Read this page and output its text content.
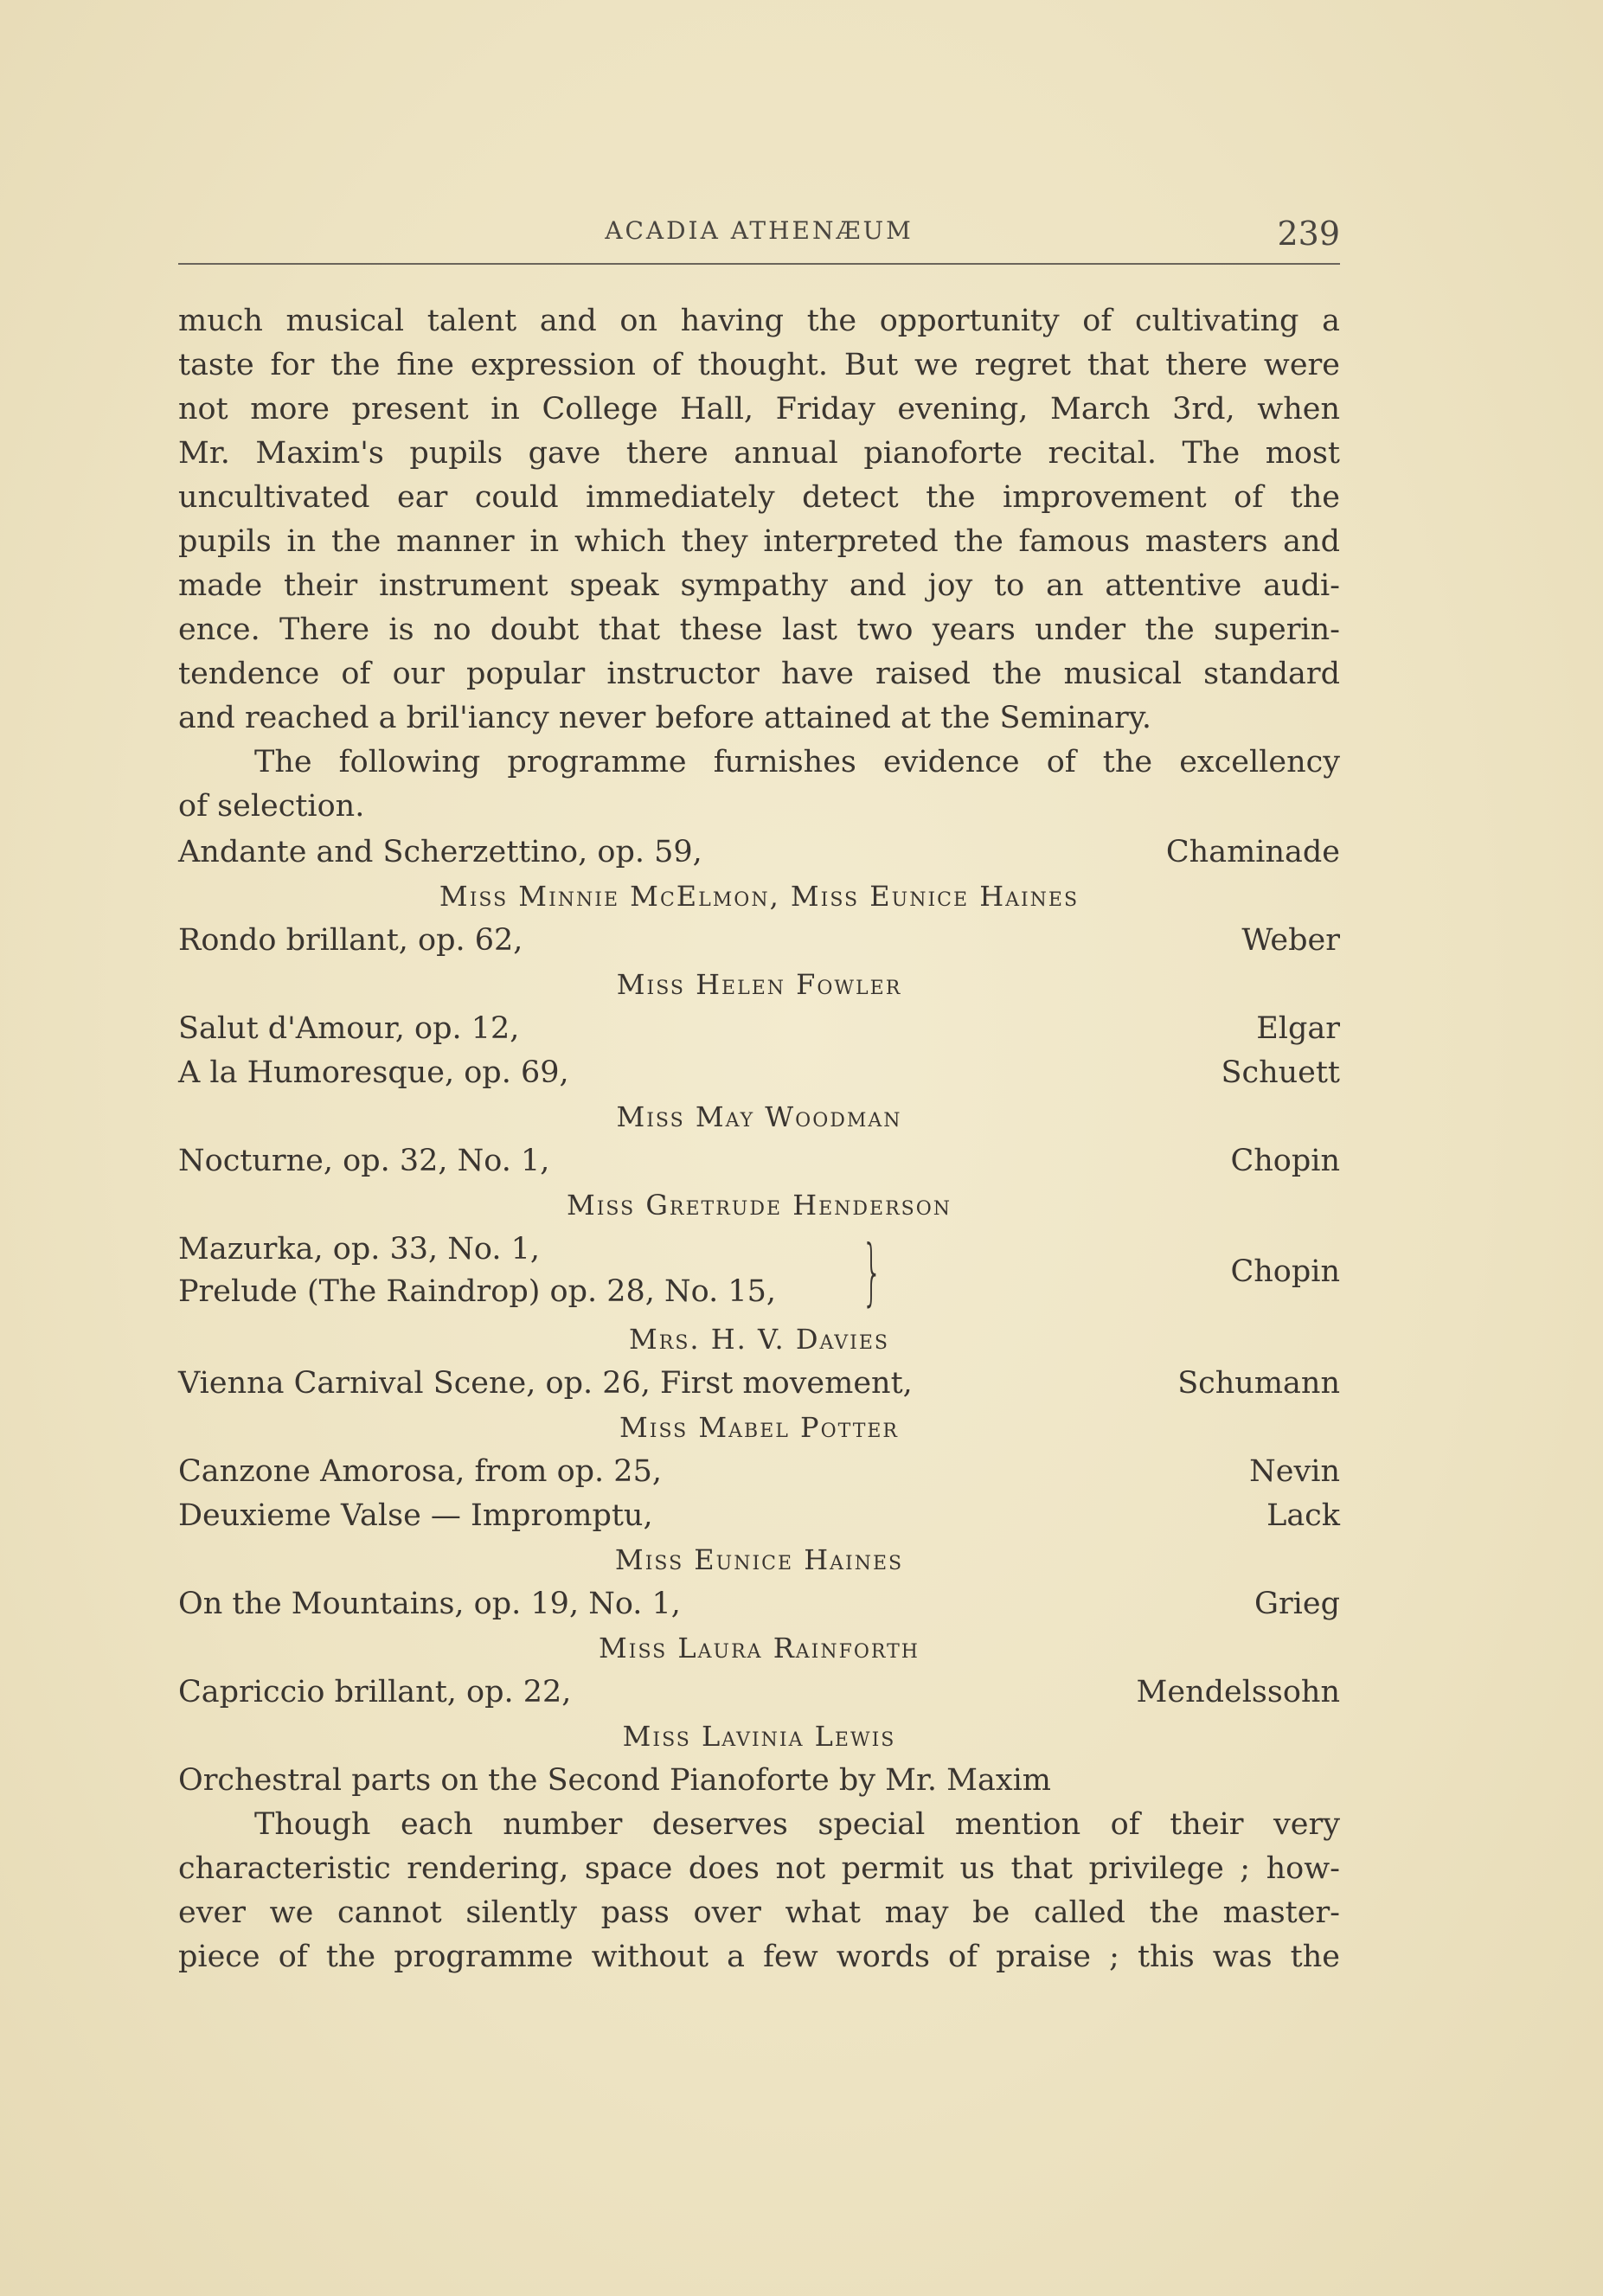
ACADIA ATHENÆUM	239

much musical talent and on having the opportunity of cultivating a

taste for the fine expression of thought. But we regret that there were

not more present in College Hall, Friday evening, March 3rd, when

Mr. Maxim's pupils gave there annual pianoforte recital. The most

uncultivated ear could immediately detect the improvement of the

pupils in the manner in which they interpreted the famous masters and

made their instrument speak sympathy and joy to an attentive audi-

ence. There is no doubt that these last two years under the superin-

tendence of our popular instructor have raised the musical standard

and reached a bril'iancy never before attained at the Seminary.

The following programme furnishes evidence of the excellency

of selection.

Andante and Scherzettino, op. 59,	Chaminade
Miss Minnie McElmon, Miss Eunice Haines
Rondo brillant, op. 62,	Weber
Miss Helen Fowler
Salut d'Amour, op. 12,	Elgar
A la Humoresque, op. 69,	Schuett
Miss May Woodman
Nocturne, op. 32, No. 1,	Chopin
Miss Gretrude Henderson
Mazurka, op. 33, No. 1,
Prelude (The Raindrop) op. 28, No. 15, }	Chopin
Mrs. H. V. Davies
Vienna Carnival Scene, op. 26, First movement,	Schumann
Miss Mabel Potter
Canzone Amorosa, from op. 25,	Nevin
Deuxieme Valse — Impromptu,	Lack
Miss Eunice Haines
On the Mountains, op. 19, No. 1,	Grieg
Miss Laura Rainforth
Capriccio brillant, op. 22,	Mendelssohn
Miss Lavinia Lewis
Orchestral parts on the Second Pianoforte by Mr. Maxim

Though each number deserves special mention of their very

characteristic rendering, space does not permit us that privilege ; how-

ever we cannot silently pass over what may be called the master-

piece of the programme without a few words of praise ; this was the
